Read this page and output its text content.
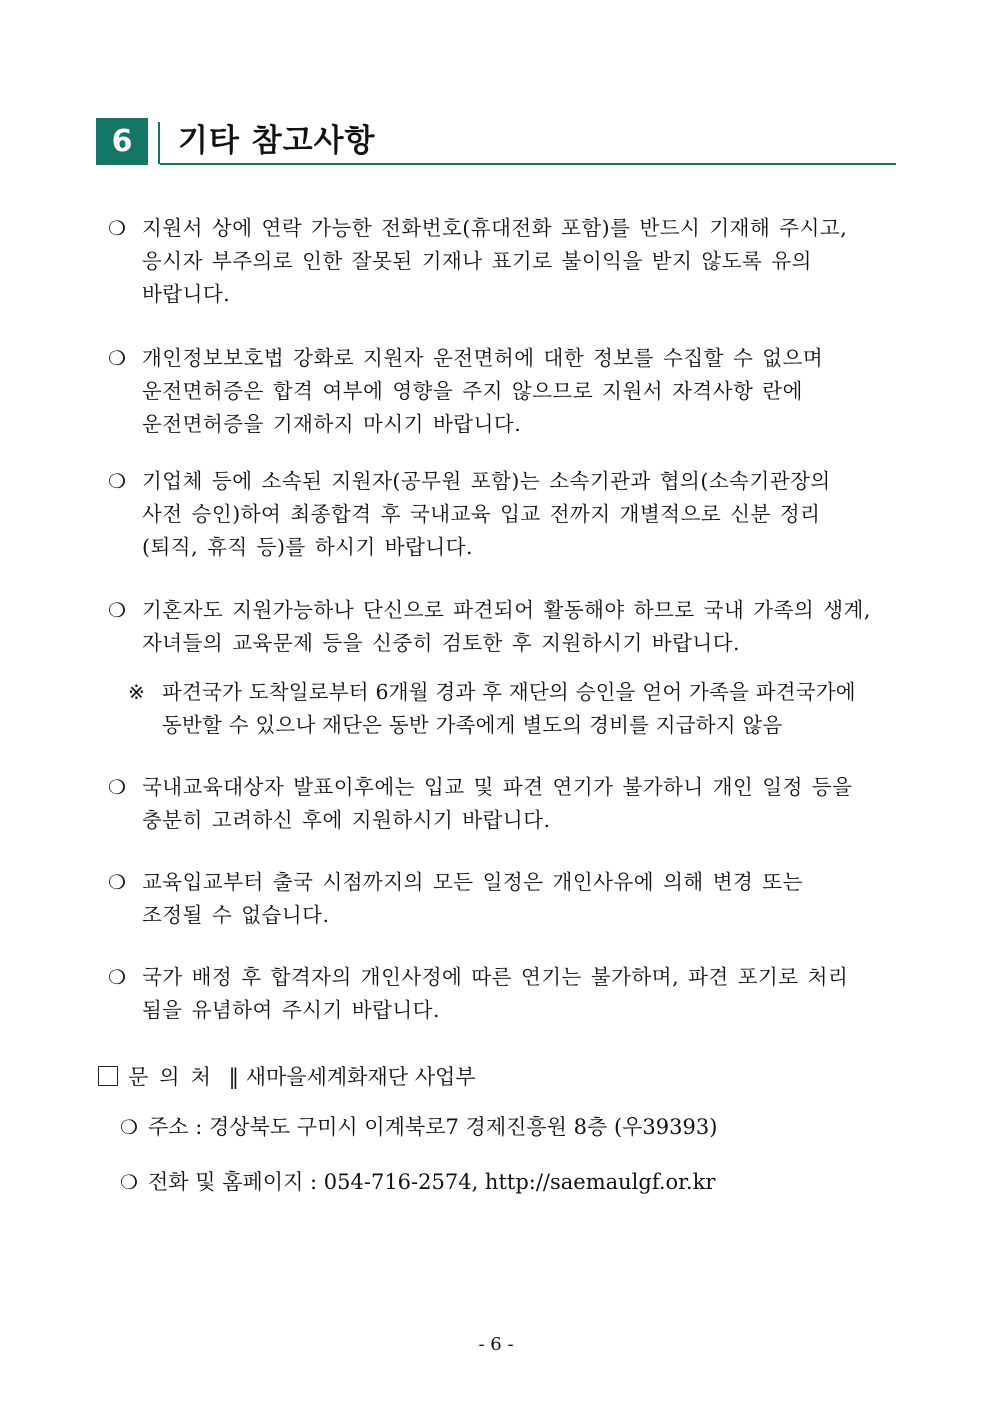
6	기타 참고사항
❍ 지원서 상에 연락 가능한 전화번호(휴대전화 포함)를 반드시 기재해 주시고,
응시자 부주의로 인한 잘못된 기재나 표기로 불이익을 받지 않도록 유의
바랍니다.
❍ 개인정보보호법 강화로 지원자 운전면허에 대한 정보를 수집할 수 없으며
운전면허증은 합격 여부에 영향을 주지 않으므로 지원서 자격사항 란에
운전면허증을 기재하지 마시기 바랍니다.
❍ 기업체 등에 소속된 지원자(공무원 포함)는 소속기관과 협의(소속기관장의
사전 승인)하여 최종합격 후 국내교육 입교 전까지 개별적으로 신분 정리
(퇴직, 휴직 등)를 하시기 바랍니다.
❍ 기혼자도 지원가능하나 단신으로 파견되어 활동해야 하므로 국내 가족의 생계,
자녀들의 교육문제 등을 신중히 검토한 후 지원하시기 바랍니다.
※ 파견국가 도착일로부터 6개월 경과 후 재단의 승인을 얻어 가족을 파견국가에
동반할 수 있으나 재단은 동반 가족에게 별도의 경비를 지급하지 않음
❍ 국내교육대상자 발표이후에는 입교 및 파견 연기가 불가하니 개인 일정 등을
충분히 고려하신 후에 지원하시기 바랍니다.
❍ 교육입교부터 출국 시점까지의 모든 일정은 개인사유에 의해 변경 또는
조정될 수 없습니다.
❍ 국가 배정 후 합격자의 개인사정에 따른 연기는 불가하며, 파견 포기로 처리
됨을 유념하여 주시기 바랍니다.
문의처 ‖ 새마을세계화재단 사업부
❍ 주소 : 경상북도 구미시 이계북로7 경제진흥원 8층 (우39393)
❍ 전화 및 홈페이지 : 054-716-2574, http://saemaulgf.or.kr
- 6 -
